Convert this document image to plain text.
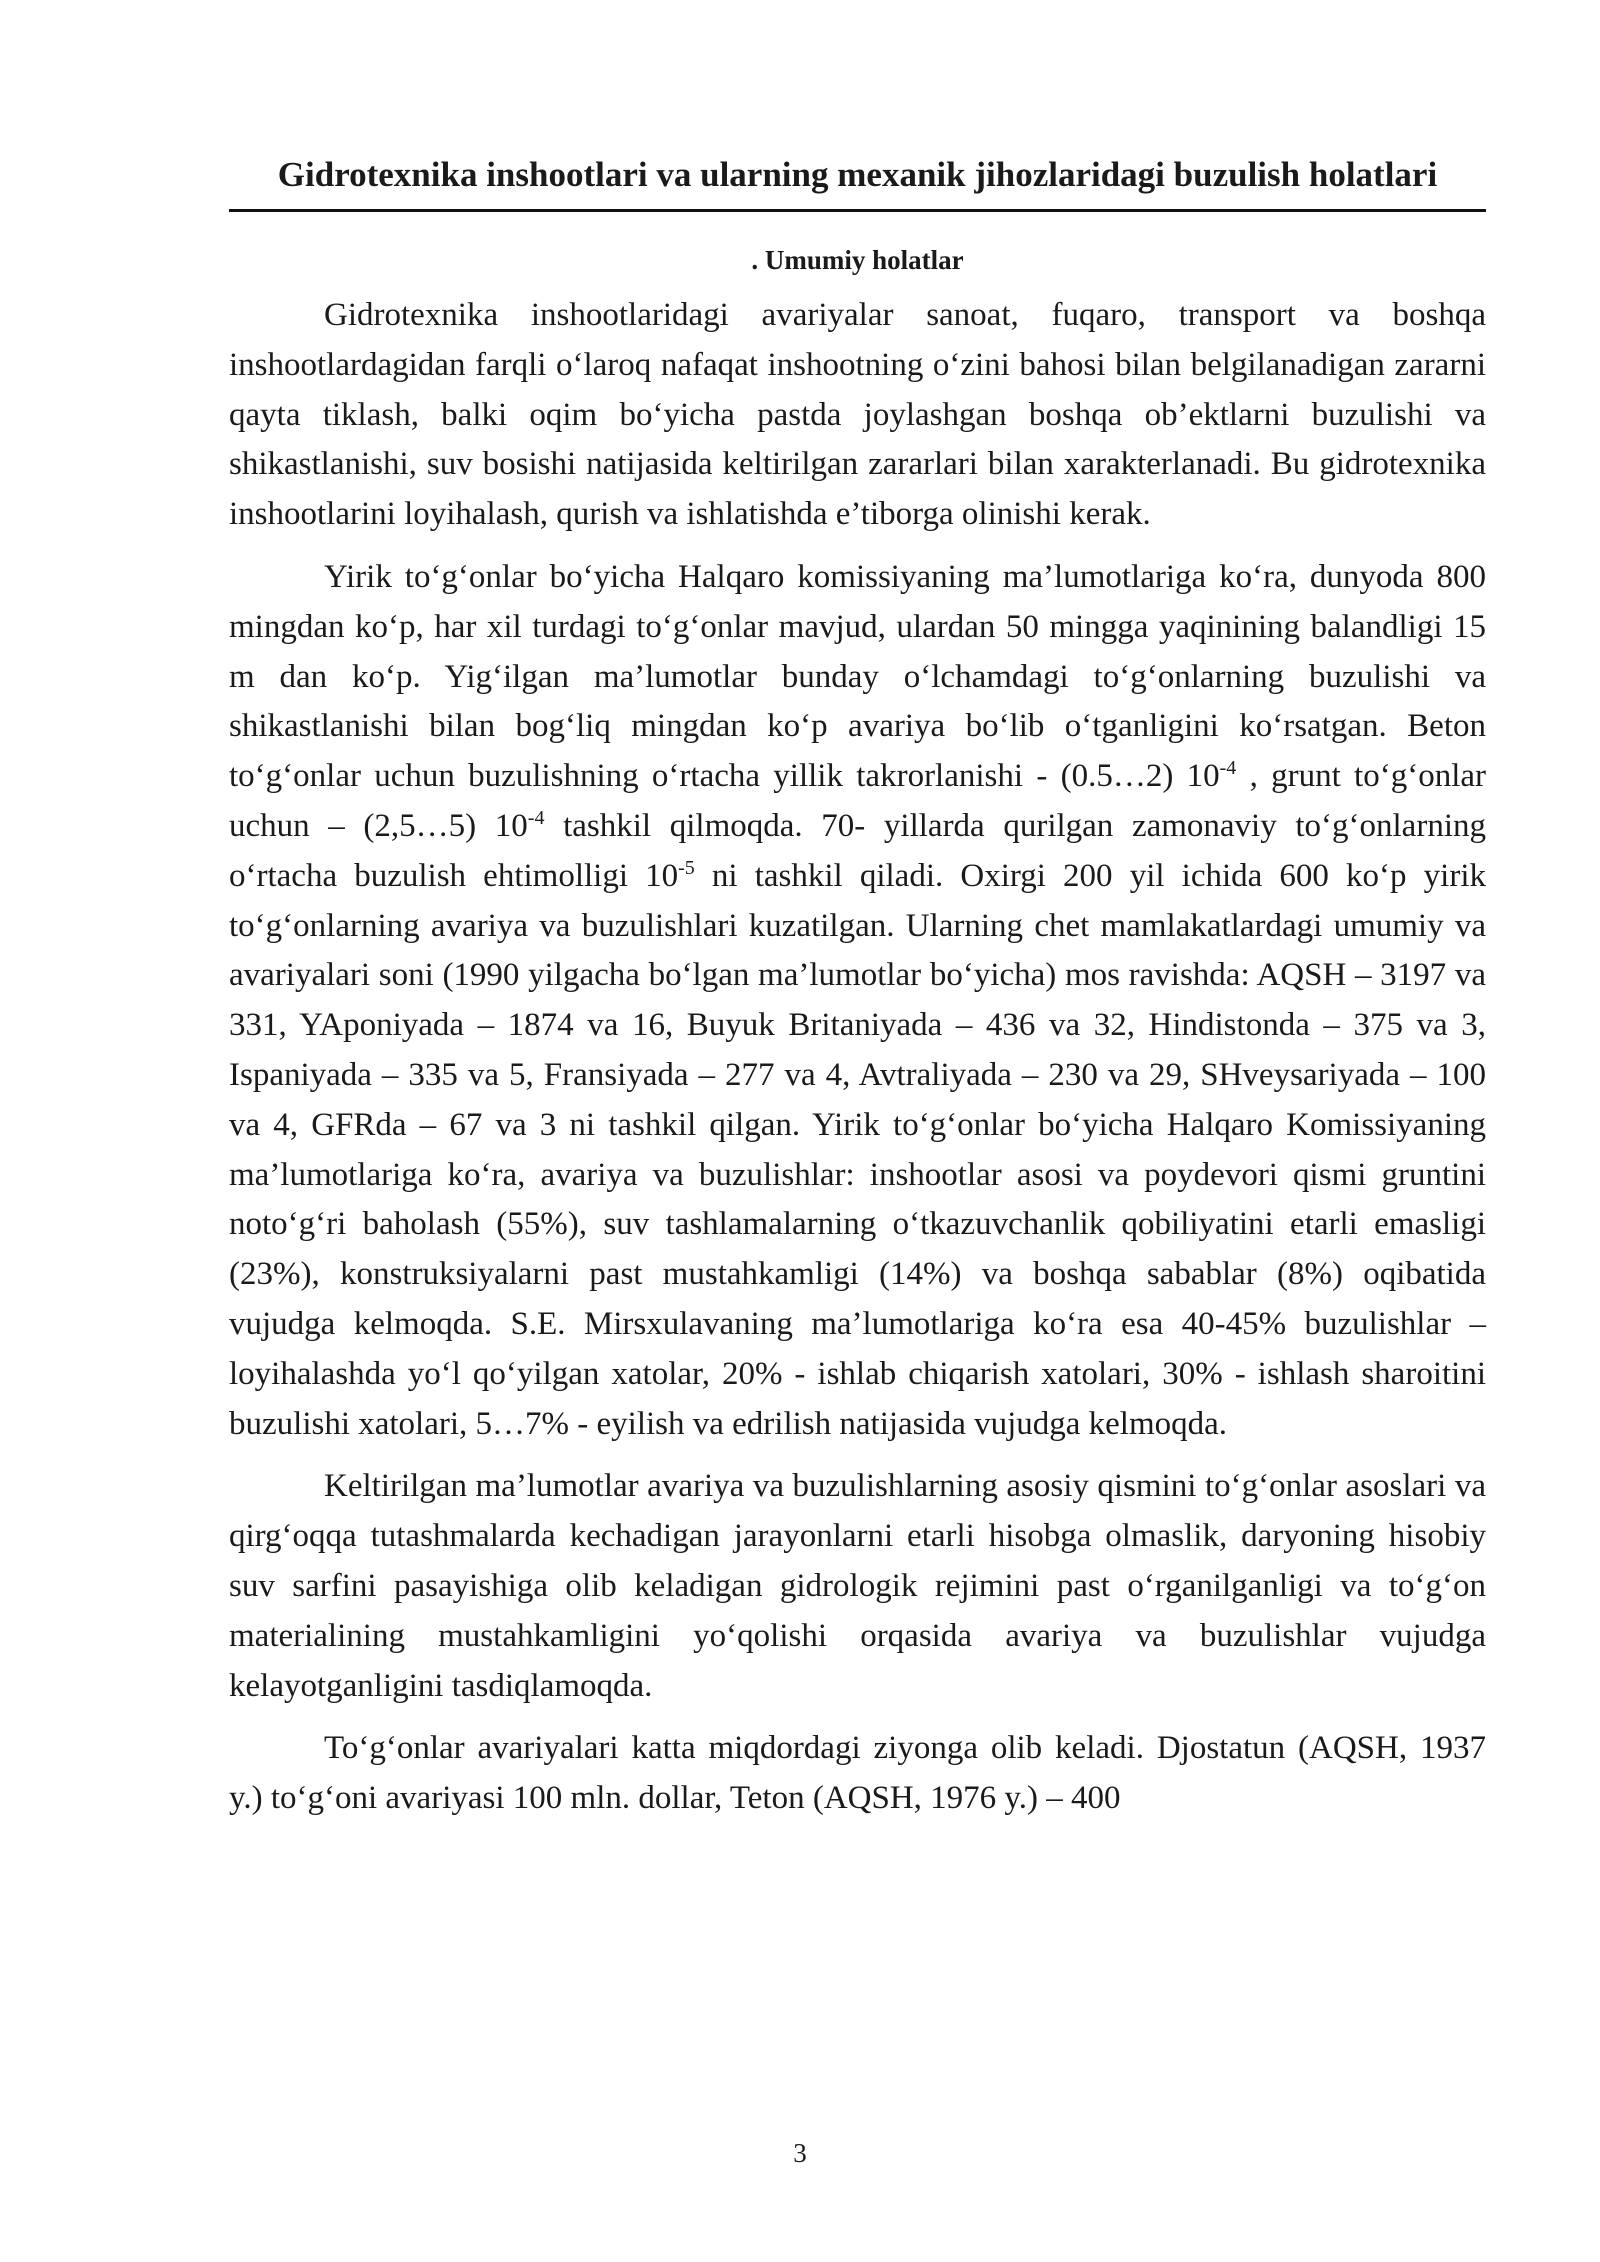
Gidrotexnika inshootlari va ularning mexanik jihozlaridagi buzulish holatlari
. Umumiy holatlar

Gidrotexnika inshootlaridagi avariyalar sanoat, fuqaro, transport va boshqa inshootlardagidan farqli o‘laroq nafaqat inshootning o‘zini bahosi bilan belgilanadigan zararni qayta tiklash, balki oqim bo‘yicha pastda joylashgan boshqa ob’ektlarni buzulishi va shikastlanishi, suv bosishi natijasida keltirilgan zararlari bilan xarakterlanadi. Bu gidrotexnika inshootlarini loyihalash, qurish va ishlatishda e’tiborga olinishi kerak.

Yirik to‘g‘onlar bo‘yicha Halqaro komissiyaning ma’lumotlariga ko‘ra, dunyoda 800 mingdan ko‘p, har xil turdagi to‘g‘onlar mavjud, ulardan 50 mingga yaqinining balandligi 15 m dan ko‘p. Yig‘ilgan ma’lumotlar bunday o‘lchamdagi to‘g‘onlarning buzulishi va shikastlanishi bilan bog‘liq mingdan ko‘p avariya bo‘lib o‘tganligini ko‘rsatgan. Beton to‘g‘onlar uchun buzulishning o‘rtacha yillik takrorlanishi - (0.5…2) $10^{-4}$ , grunt to‘g‘onlar uchun – (2,5…5) $10^{-4}$ tashkil qilmoqda. 70- yillarda qurilgan zamonaviy to‘g‘onlarning o‘rtacha buzulish ehtimolligi $10^{-5}$ ni tashkil qiladi. Oxirgi 200 yil ichida 600 ko‘p yirik to‘g‘onlarning avariya va buzulishlari kuzatilgan. Ularning chet mamlakatlardagi umumiy va avariyalari soni (1990 yilgacha bo‘lgan ma’lumotlar bo‘yicha) mos ravishda: AQSH – 3197 va 331, YAponiyada – 1874 va 16, Buyuk Britaniyada – 436 va 32, Hindistonda – 375 va 3, Ispaniyada – 335 va 5, Fransiyada – 277 va 4, Avtraliyada – 230 va 29, SHveysariyada – 100 va 4, GFRda – 67 va 3 ni tashkil qilgan. Yirik to‘g‘onlar bo‘yicha Halqaro Komissiyaning ma’lumotlariga ko‘ra, avariya va buzulishlar: inshootlar asosi va poydevori qismi gruntini noto‘g‘ri baholash (55%), suv tashlamalarning o‘tkazuvchanlik qobiliyatini etarli emasligi (23%), konstruksiyalarni past mustahkamligi (14%) va boshqa sabablar (8%) oqibatida vujudga kelmoqda. S.E. Mirsxulavaning ma’lumotlariga ko‘ra esa 40-45% buzulishlar – loyihalashda yo‘l qo‘yilgan xatolar, 20% - ishlab chiqarish xatolari, 30% - ishlash sharoitini buzulishi xatolari, 5…7% - eyilish va edrilish natijasida vujudga kelmoqda.

Keltirilgan ma’lumotlar avariya va buzulishlarning asosiy qismini to‘g‘onlar asoslari va qirg‘oqqa tutashmalarda kechadigan jarayonlarni etarli hisobga olmaslik, daryoning hisobiy suv sarfini pasayishiga olib keladigan gidrologik rejimini past o‘rganilganligi va to‘g‘on materialining mustahkamligini yo‘qolishi orqasida avariya va buzulishlar vujudga kelayotganligini tasdiqlamoqda.

To‘g‘onlar avariyalari katta miqdordagi ziyonga olib keladi. Djostatun (AQSH, 1937 y.) to‘g‘oni avariyasi 100 mln. dollar, Teton (AQSH, 1976 y.) – 400

3
